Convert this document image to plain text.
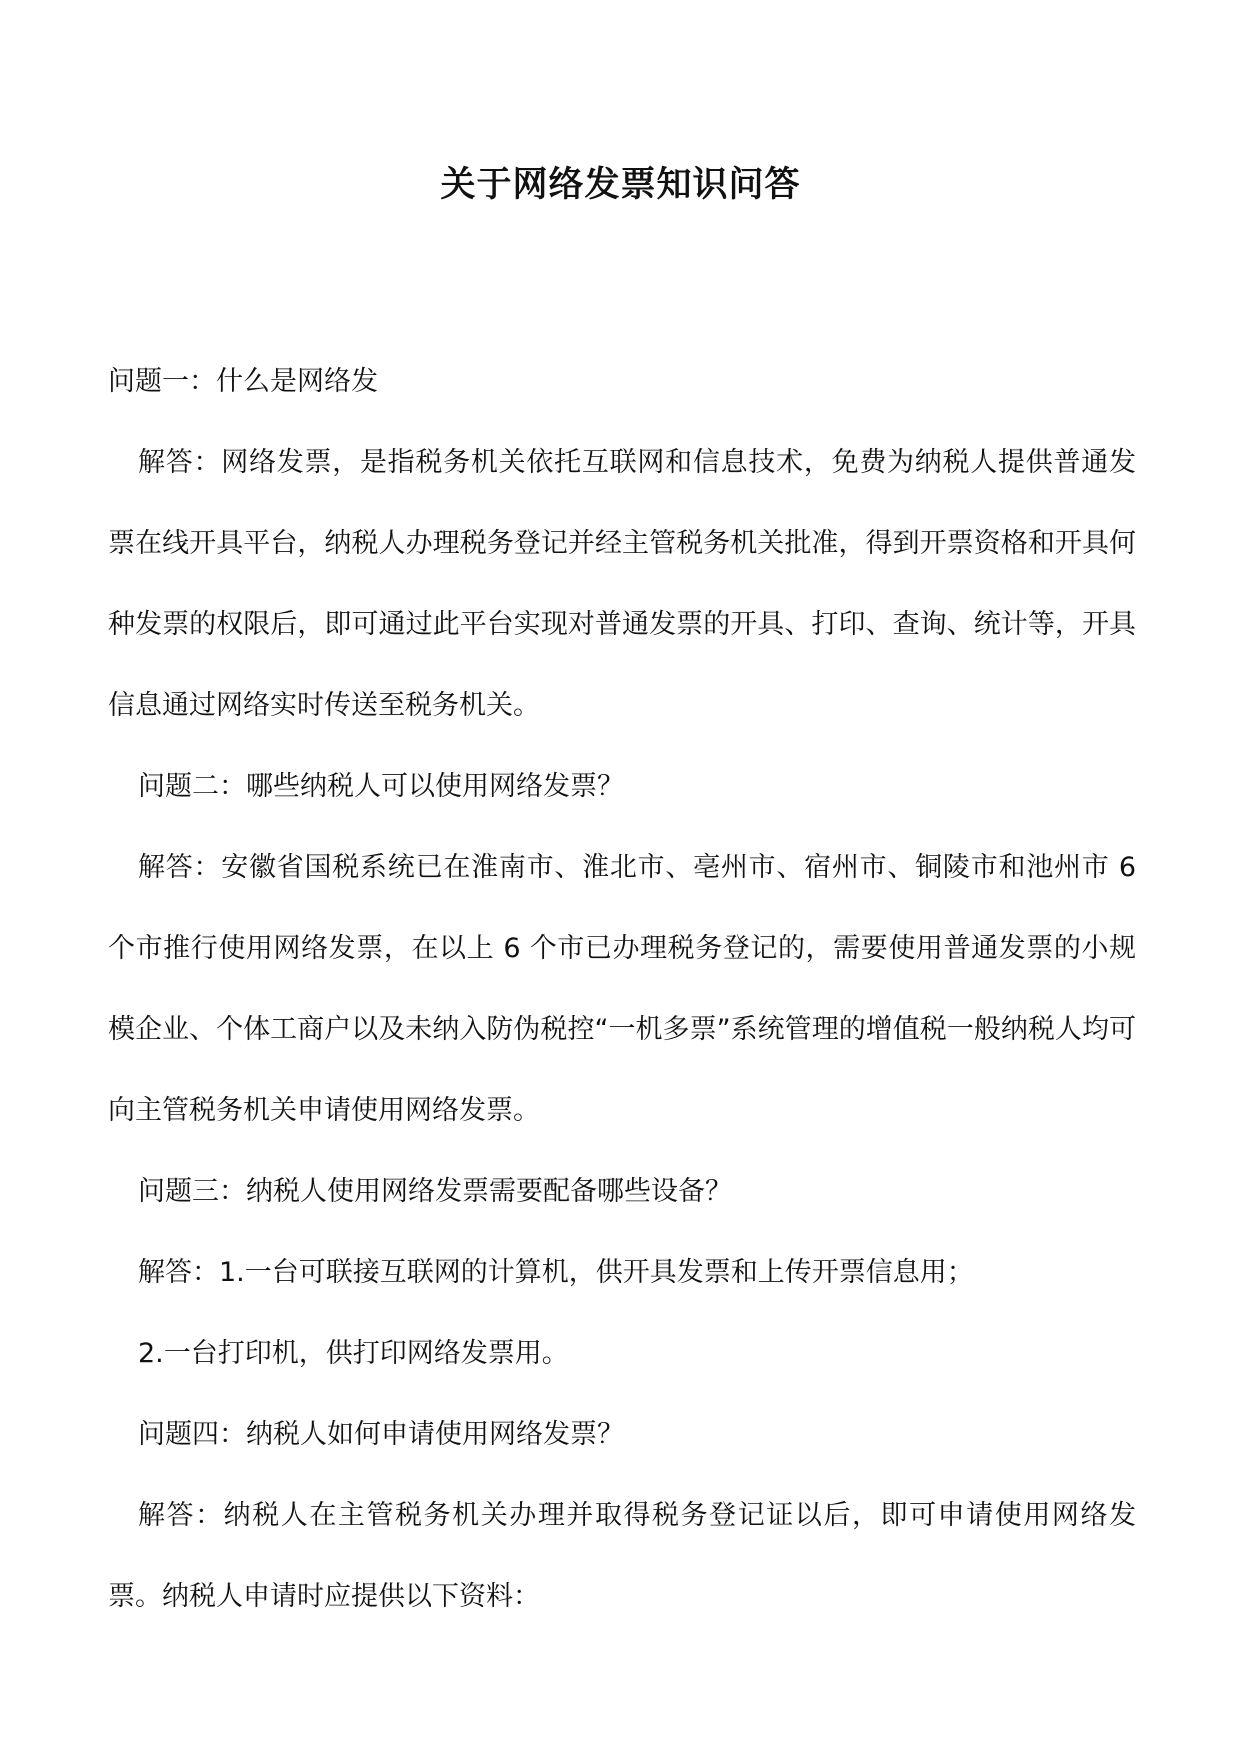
关于网络发票知识问答

问题一：什么是网络发

解答：网络发票，是指税务机关依托互联网和信息技术，免费为纳税人提供普通发票在线开具平台，纳税人办理税务登记并经主管税务机关批准，得到开票资格和开具何种发票的权限后，即可通过此平台实现对普通发票的开具、打印、查询、统计等，开具信息通过网络实时传送至税务机关。

问题二：哪些纳税人可以使用网络发票？

解答：安徽省国税系统已在淮南市、淮北市、亳州市、宿州市、铜陵市和池州市 6 个市推行使用网络发票，在以上 6 个市已办理税务登记的，需要使用普通发票的小规模企业、个体工商户以及未纳入防伪税控“一机多票”系统管理的增值税一般纳税人均可向主管税务机关申请使用网络发票。

问题三：纳税人使用网络发票需要配备哪些设备？

解答：1.一台可联接互联网的计算机，供开具发票和上传开票信息用；

2.一台打印机，供打印网络发票用。

问题四：纳税人如何申请使用网络发票？

解答：纳税人在主管税务机关办理并取得税务登记证以后，即可申请使用网络发票。纳税人申请时应提供以下资料：
